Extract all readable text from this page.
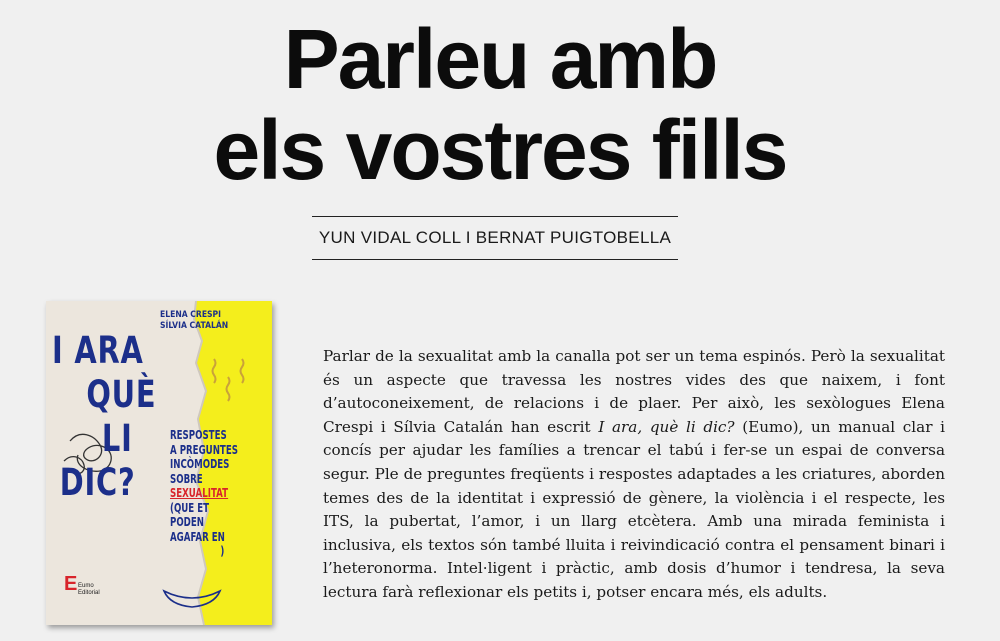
Parleu amb
els vostres fills
YUN VIDAL COLL I BERNAT PUIGTOBELLA
ELENA CRESPI
SÍLVIA CATALÁN
I ARA
QUÈ
LI
DIC?
RESPOSTES
A PREGUNTES
INCÒMODES
SOBRE
SEXUALITAT
(QUE ET
PODEN
AGAFAR EN
)
E Eumo
Editorial

Parlar de la sexualitat amb la canalla pot ser un tema espinós. Però la sexualitat és un aspecte que travessa les nostres vides des que naixem, i font d’autoconeixement, de relacions i de plaer. Per això, les sexòlogues Elena Crespi i Sílvia Catalán han escrit I ara, què li dic? (Eumo), un manual clar i concís per ajudar les famílies a trencar el tabú i fer-se un espai de conversa segur. Ple de preguntes freqüents i respostes adaptades a les criatures, aborden temes des de la identitat i expressió de gènere, la violència i el respecte, les ITS, la pubertat, l’amor, i un llarg etcètera. Amb una mirada feminista i inclusiva, els textos són també lluita i reivindicació contra el pensament binari i l’heteronorma. Intel·ligent i pràctic, amb dosis d’humor i tendresa, la seva lectura farà reflexionar els petits i, potser encara més, els adults.
